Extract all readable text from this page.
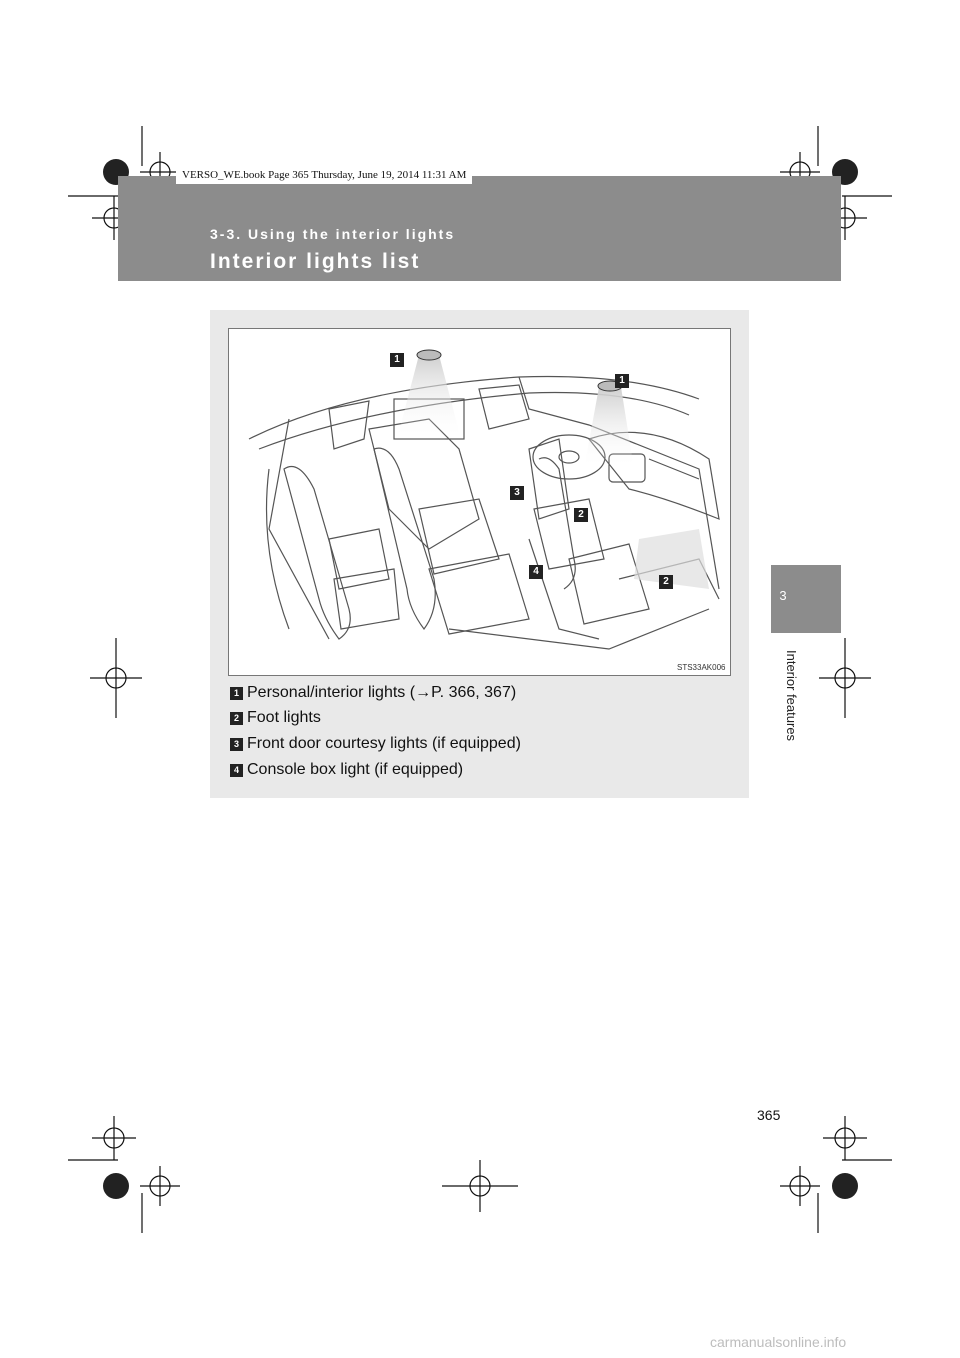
VERSO_WE.book Page 365 Thursday, June 19, 2014 11:31 AM
3-3. Using the interior lights
Interior lights list
3
Interior features
1
1
3
2
4
2
STS33AK006
1 Personal/interior lights (→P. 366, 367)
2 Foot lights
3 Front door courtesy lights (if equipped)
4 Console box light (if equipped)
365
carmanualsonline.info
